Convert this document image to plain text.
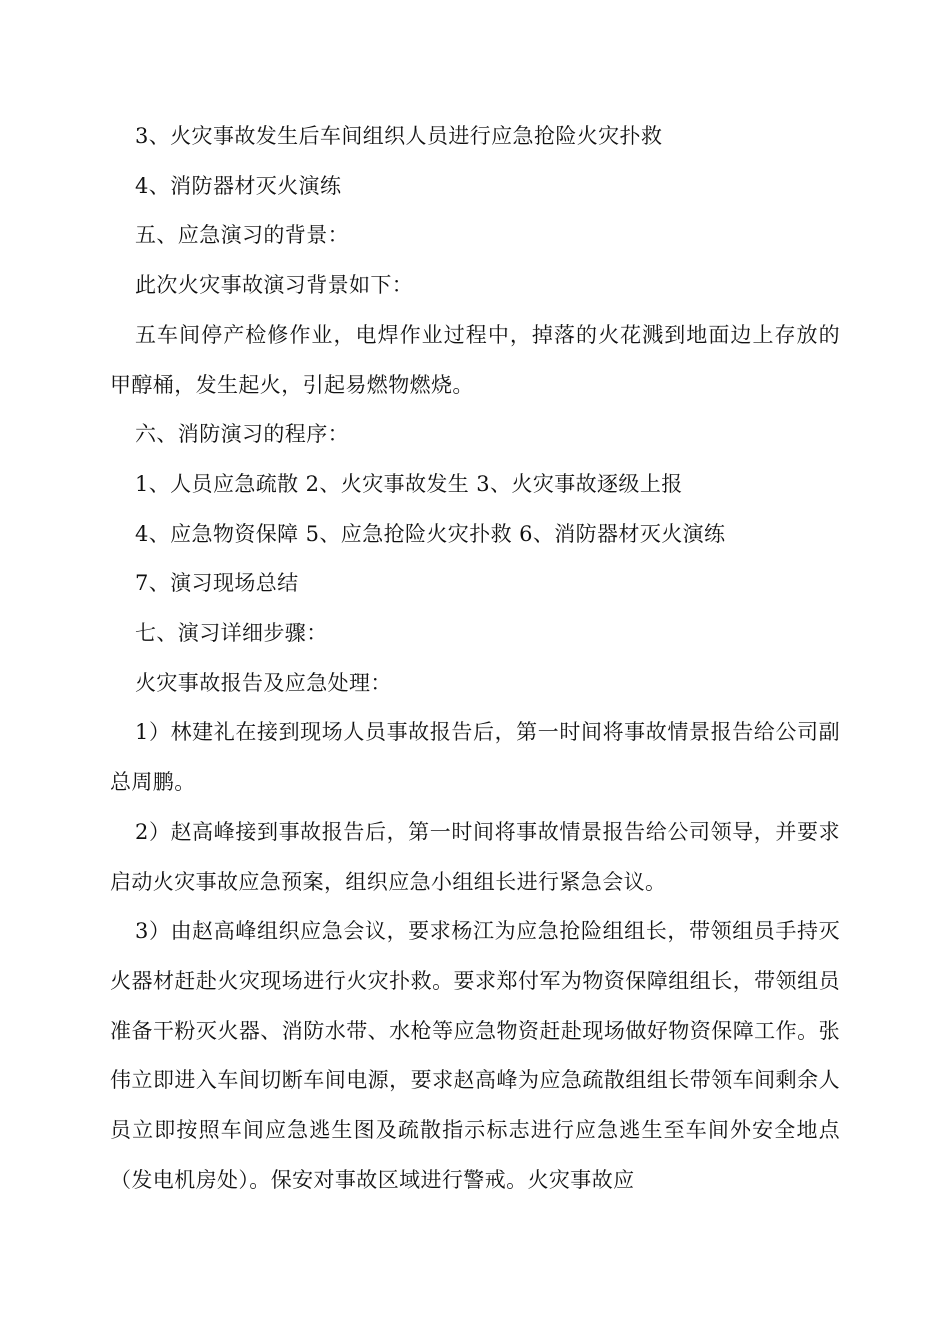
3、火灾事故发生后车间组织人员进行应急抢险火灾扑救

4、消防器材灭火演练

五、应急演习的背景：

此次火灾事故演习背景如下：

五车间停产检修作业，电焊作业过程中，掉落的火花溅到地面边上存放的甲醇桶，发生起火，引起易燃物燃烧。

六、消防演习的程序：

1、人员应急疏散 2、火灾事故发生 3、火灾事故逐级上报

4、应急物资保障 5、应急抢险火灾扑救 6、消防器材灭火演练

7、演习现场总结

七、演习详细步骤：

火灾事故报告及应急处理：

1）林建礼在接到现场人员事故报告后，第一时间将事故情景报告给公司副总周鹏。

2）赵高峰接到事故报告后，第一时间将事故情景报告给公司领导，并要求启动火灾事故应急预案，组织应急小组组长进行紧急会议。

3）由赵高峰组织应急会议，要求杨江为应急抢险组组长，带领组员手持灭火器材赶赴火灾现场进行火灾扑救。要求郑付军为物资保障组组长，带领组员准备干粉灭火器、消防水带、水枪等应急物资赶赴现场做好物资保障工作。张伟立即进入车间切断车间电源，要求赵高峰为应急疏散组组长带领车间剩余人员立即按照车间应急逃生图及疏散指示标志进行应急逃生至车间外安全地点（发电机房处）。保安对事故区域进行警戒。火灾事故应
